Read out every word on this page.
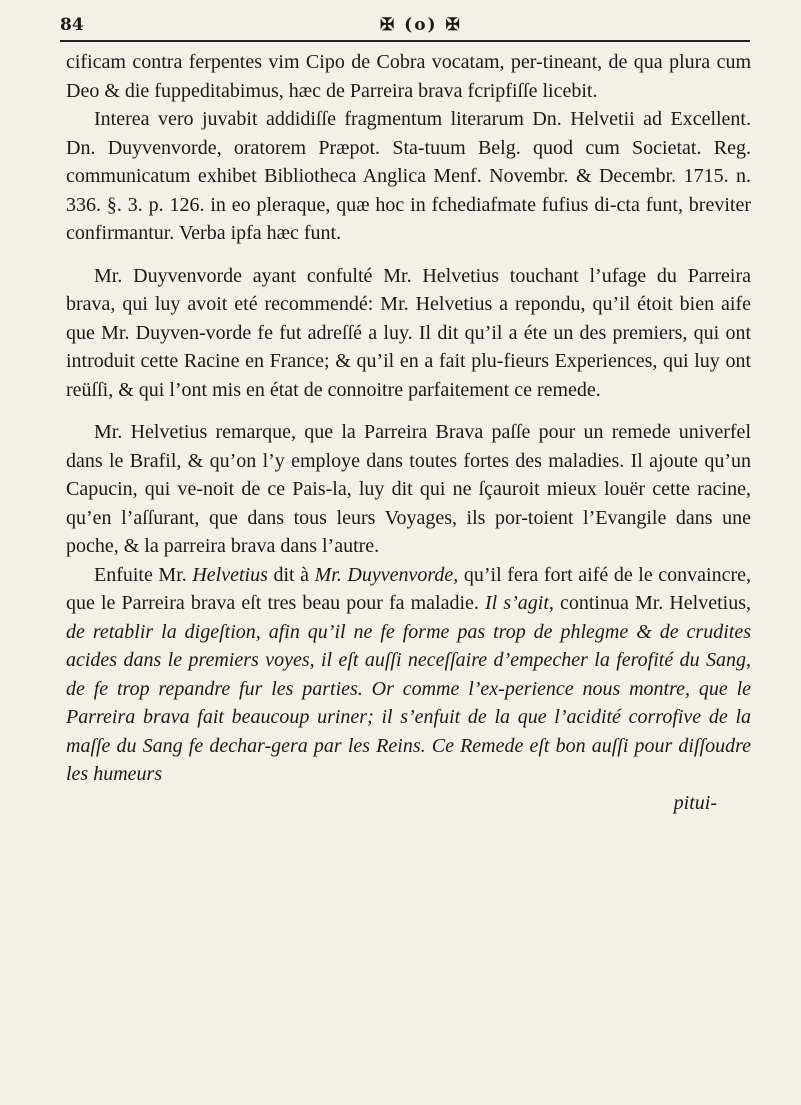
84	✠ (o) ✠

cificam contra ferpentes vim Cipo de Cobra vocatam, per-tineant, de qua plura cum Deo & die fuppeditabimus, hæc de Parreira brava fcripfiſſe licebit.

Interea vero juvabit addidiſſe fragmentum literarum Dn. Helvetii ad Excellent. Dn. Duyvenvorde, oratorem Præpot. Sta-tuum Belg. quod cum Societat. Reg. communicatum exhibet Bibliotheca Anglica Menf. Novembr. & Decembr. 1715. n. 336. §. 3. p. 126. in eo pleraque, quæ hoc in fchediafmate fufius di-cta funt, breviter confirmantur. Verba ipfa hæc funt.

Mr. Duyvenvorde ayant confulté Mr. Helvetius touchant l’ufage du Parreira brava, qui luy avoit eté recommendé: Mr. Helvetius a repondu, qu’il étoit bien aife que Mr. Duyven-vorde fe fut adreſſé a luy. Il dit qu’il a éte un des premiers, qui ont introduit cette Racine en France; & qu’il en a fait plu-fieurs Experiences, qui luy ont reüſſi, & qui l’ont mis en état de connoitre parfaitement ce remede.

Mr. Helvetius remarque, que la Parreira Brava paſſe pour un remede univerfel dans le Brafil, & qu’on l’y employe dans toutes fortes des maladies. Il ajoute qu’un Capucin, qui ve-noit de ce Pais-la, luy dit qui ne ſçauroit mieux louër cette racine, qu’en l’aſſurant, que dans tous leurs Voyages, ils por-toient l’Evangile dans une poche, & la parreira brava dans l’autre.

Enfuite Mr. Helvetius dit à Mr. Duyvenvorde, qu’il fera fort aifé de le convaincre, que le Parreira brava eſt tres beau pour fa maladie. Il s’agit, continua Mr. Helvetius, de retablir la digeſtion, afin qu’il ne fe forme pas trop de phlegme & de crudites acides dans le premiers voyes, il eſt auſſi neceſſaire d’empecher la ferofité du Sang, de fe trop repandre fur les parties. Or comme l’ex-perience nous montre, que le Parreira brava fait beaucoup uriner; il s’enfuit de la que l’acidité corrofive de la maſſe du Sang fe dechar-gera par les Reins. Ce Remede eſt bon auſſi pour diſſoudre les humeurs

pitui-
